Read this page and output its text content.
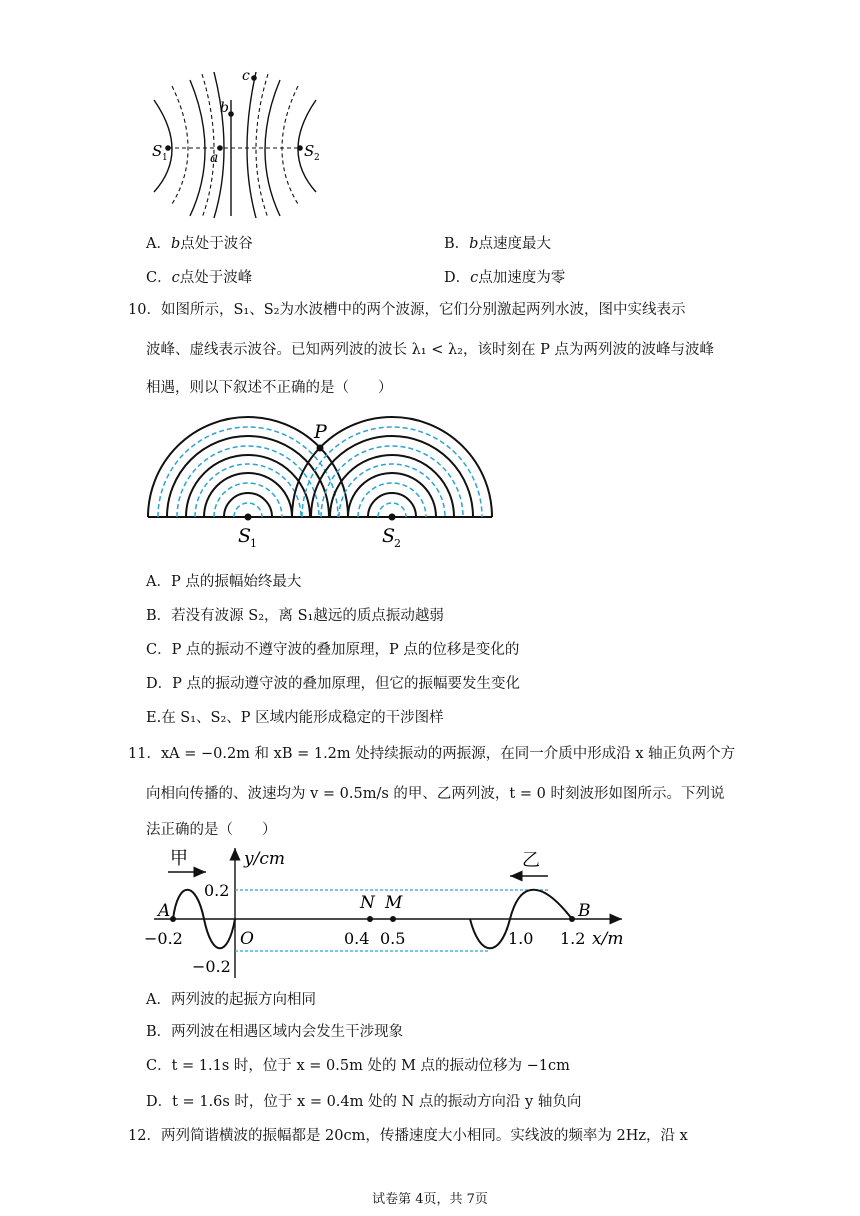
S 1	S 2
a
b
c
A．b点处于波谷	B．b点速度最大
C．c点处于波峰	D．c点加速度为零
10．如图所示，S₁、S₂为水波槽中的两个波源，它们分别激起两列水波，图中实线表示
波峰、虚线表示波谷。已知两列波的波长 λ₁ < λ₂，该时刻在 P 点为两列波的波峰与波峰
相遇，则以下叙述不正确的是（　　）
P
S
1	S
2
A．P 点的振幅始终最大
B．若没有波源 S₂，离 S₁越远的质点振动越弱
C．P 点的振动不遵守波的叠加原理，P 点的位移是变化的
D．P 点的振动遵守波的叠加原理，但它的振幅要发生变化
E.在 S₁、S₂、P 区域内能形成稳定的干涉图样
11．xA = −0.2m 和 xB = 1.2m 处持续振动的两振源，在同一介质中形成沿 x 轴正负两个方
向相向传播的、波速均为 v = 0.5m/s 的甲、乙两列波，t = 0 时刻波形如图所示。下列说
法正确的是（　　）
甲	乙
y/cm
x/m
0.2
−0.2
O
A	B
N M
−0.2	0.4 0.5	1.0 1.2
A．两列波的起振方向相同
B．两列波在相遇区域内会发生干涉现象
C．t = 1.1s 时，位于 x = 0.5m 处的 M 点的振动位移为 −1cm
D．t = 1.6s 时，位于 x = 0.4m 处的 N 点的振动方向沿 y 轴负向
12．两列简谐横波的振幅都是 20cm，传播速度大小相同。实线波的频率为 2Hz，沿 x
试卷第 4页，共 7页
